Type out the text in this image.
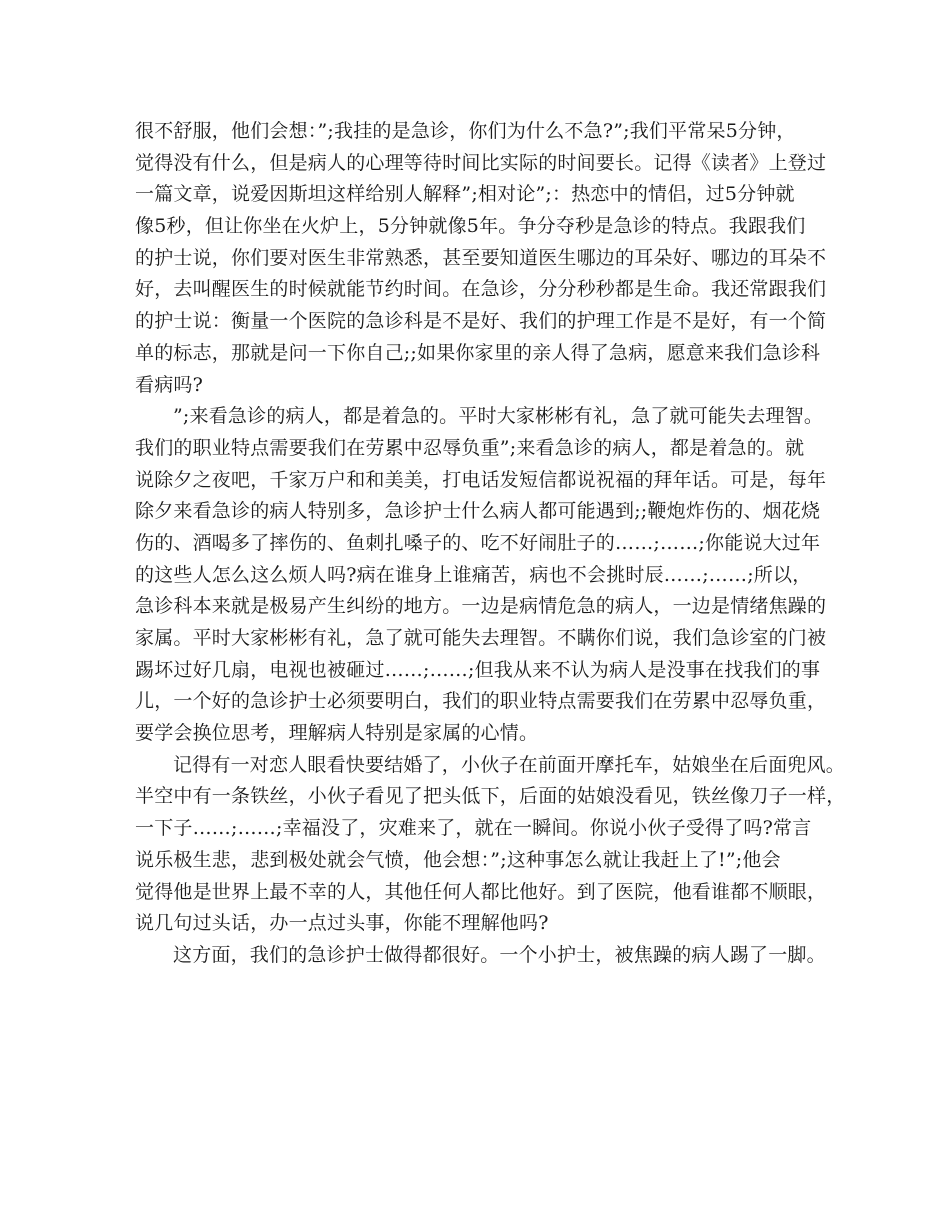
很不舒服，他们会想：”;我挂的是急诊，你们为什么不急?”;我们平常呆5分钟，
觉得没有什么，但是病人的心理等待时间比实际的时间要长。记得《读者》上登过
一篇文章，说爱因斯坦这样给别人解释”;相对论”;：热恋中的情侣，过5分钟就
像5秒，但让你坐在火炉上，5分钟就像5年。争分夺秒是急诊的特点。我跟我们
的护士说，你们要对医生非常熟悉，甚至要知道医生哪边的耳朵好、哪边的耳朵不
好，去叫醒医生的时候就能节约时间。在急诊，分分秒秒都是生命。我还常跟我们
的护士说：衡量一个医院的急诊科是不是好、我们的护理工作是不是好，有一个简
单的标志，那就是问一下你自己;;如果你家里的亲人得了急病，愿意来我们急诊科
看病吗?
”;来看急诊的病人，都是着急的。平时大家彬彬有礼，急了就可能失去理智。
我们的职业特点需要我们在劳累中忍辱负重”;来看急诊的病人，都是着急的。就
说除夕之夜吧，千家万户和和美美，打电话发短信都说祝福的拜年话。可是，每年
除夕来看急诊的病人特别多，急诊护士什么病人都可能遇到;;鞭炮炸伤的、烟花烧
伤的、酒喝多了摔伤的、鱼刺扎嗓子的、吃不好闹肚子的……;……;你能说大过年
的这些人怎么这么烦人吗?病在谁身上谁痛苦，病也不会挑时辰……;……;所以，
急诊科本来就是极易产生纠纷的地方。一边是病情危急的病人，一边是情绪焦躁的
家属。平时大家彬彬有礼，急了就可能失去理智。不瞒你们说，我们急诊室的门被
踢坏过好几扇，电视也被砸过……;……;但我从来不认为病人是没事在找我们的事
儿，一个好的急诊护士必须要明白，我们的职业特点需要我们在劳累中忍辱负重，
要学会换位思考，理解病人特别是家属的心情。
记得有一对恋人眼看快要结婚了，小伙子在前面开摩托车，姑娘坐在后面兜风。
半空中有一条铁丝，小伙子看见了把头低下，后面的姑娘没看见，铁丝像刀子一样，
一下子……;……;幸福没了，灾难来了，就在一瞬间。你说小伙子受得了吗?常言
说乐极生悲，悲到极处就会气愤，他会想：”;这种事怎么就让我赶上了!”;他会
觉得他是世界上最不幸的人，其他任何人都比他好。到了医院，他看谁都不顺眼，
说几句过头话，办一点过头事，你能不理解他吗?
这方面，我们的急诊护士做得都很好。一个小护士，被焦躁的病人踢了一脚。
